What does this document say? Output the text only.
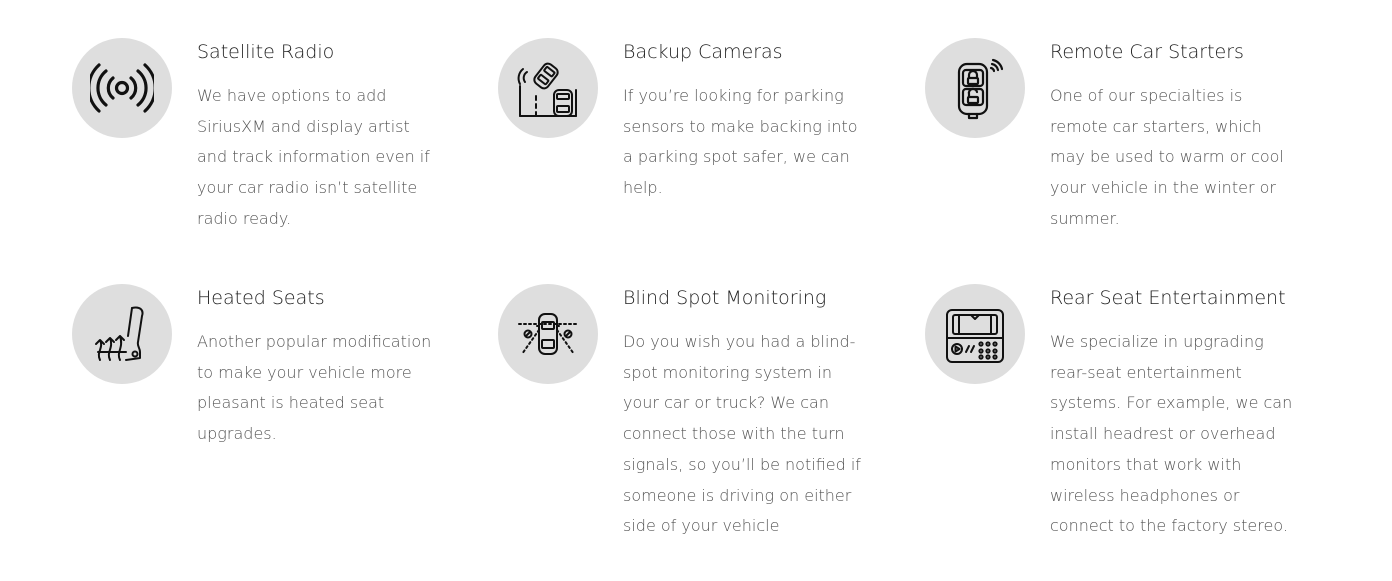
Satellite Radio

We have options to add SiriusXM and display artist and track information even if your car radio isn’t satellite radio ready.

Backup Cameras

If you’re looking for parking sensors to make backing into a parking spot safer, we can help.

Remote Car Starters

One of our specialties is remote car starters, which may be used to warm or cool your vehicle in the winter or summer.

Heated Seats

Another popular modification to make your vehicle more pleasant is heated seat upgrades.

Blind Spot Monitoring

Do you wish you had a blind-spot monitoring system in your car or truck? We can connect those with the turn signals, so you’ll be notified if someone is driving on either side of your vehicle

Rear Seat Entertainment

We specialize in upgrading rear-seat entertainment systems. For example, we can install headrest or overhead monitors that work with wireless headphones or connect to the factory stereo.
